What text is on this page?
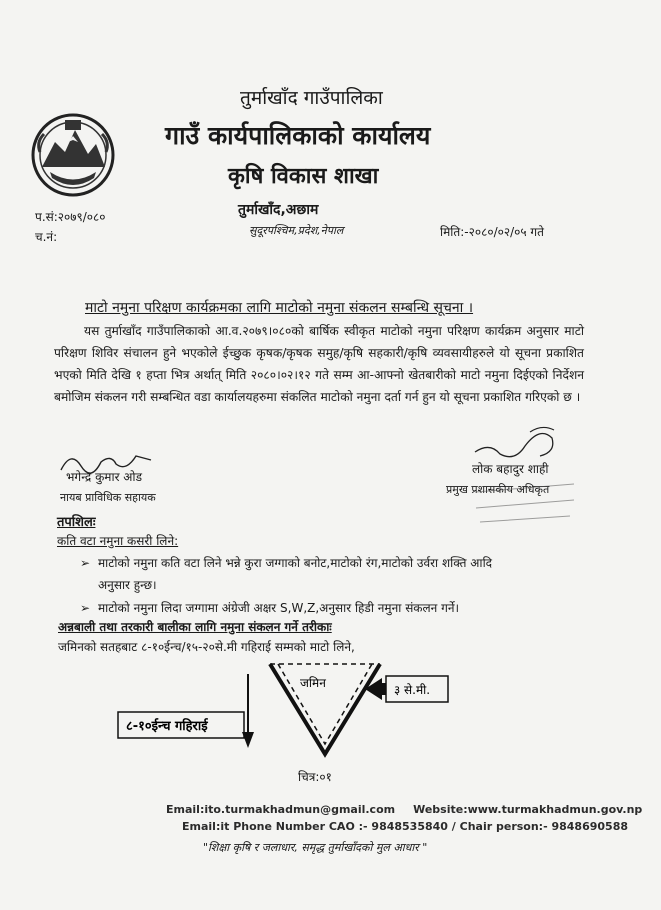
तुर्माखाँद गाउँपालिका
गाउँ कार्यपालिकाको कार्यालय
कृषि विकास शाखा
तुर्माखाँद,अछाम
सुदूरपश्चिम,प्रदेश,नेपाल
प.सं:२०७९/०८०
च.नं:	मिति:-२०८०/०२/०५ गते
माटो नमुना परिक्षण कार्यक्रमका लागि माटोको नमुना संकलन सम्बन्धि सूचना ।
यस तुर्माखाँद गाउँपालिकाको आ.व.२०७९।०८०को बार्षिक स्वीकृत माटोको नमुना परिक्षण कार्यक्रम अनुसार माटो परिक्षण शिविर संचालन हुने भएकोले ईच्छुक कृषक/कृषक समुह/कृषि सहकारी/कृषि व्यवसायीहरुले यो सूचना प्रकाशित भएको मिति देखि १ हप्ता भित्र अर्थात् मिति २०८०।०२।१२ गते सम्म आ-आफ्नो खेतबारीको माटो नमुना दिईएको निर्देशन बमोजिम संकलन गरी सम्बन्धित वडा कार्यालयहरुमा संकलित माटोको नमुना दर्ता गर्न हुन यो सूचना प्रकाशित गरिएको छ ।
भगेन्द्र कुमार ओड
नायब प्राविधिक सहायक
लोक बहादुर शाही
प्रमुख प्रशासकीय अधिकृत
तपशिलः
कति वटा नमुना कसरी लिने:
➢ माटोको नमुना कति वटा लिने भन्ने कुरा जग्गाको बनोट,माटोको रंग,माटोको उर्वरा शक्ति आदि
अनुसार हुन्छ।
➢ माटोको नमुना लिदा जग्गामा अंग्रेजी अक्षर S,W,Z,अनुसार हिडी नमुना संकलन गर्ने।
अन्नबाली तथा तरकारी बालीका लागि नमुना संकलन गर्ने तरीकाः
जमिनको सतहबाट ८-१०ईन्च/१५-२०से.मी गहिराई सम्मको माटो लिने,
जमिन	३ से.मी.
८-१०ईन्च गहिराई
चित्र:०१
Email:ito.turmakhadmun@gmail.com Website:www.turmakhadmun.gov.np
Email:it Phone Number CAO :- 9848535840 / Chair person:- 9848690588
"शिक्षा कृषि र जलाधार, समृद्ध तुर्माखाँदको मुल आधार "
